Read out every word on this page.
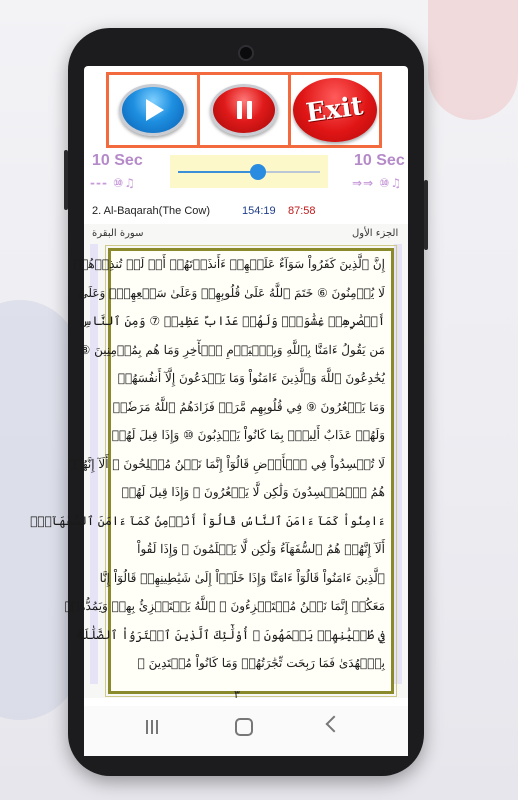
Exit
10 Sec
--- ⑩♫
10 Sec
⇒⇒ ⑩♫
2. Al-Baqarah(The Cow)	154:19 87:58
الجزء الأول
سورة البقرة
إِنَّ ٱلَّذِينَ كَفَرُواْ سَوَآءٌ عَلَيۡهِمۡ ءَأَنذَرۡتَهُمۡ أَمۡ لَمۡ تُنذِرۡهُمۡ
لَا يُؤۡمِنُونَ ⑥ خَتَمَ ٱللَّهُ عَلَىٰ قُلُوبِهِمۡ وَعَلَىٰ سَمۡعِهِمۡۖ وَعَلَىٰٓ
أَبۡصَٰرِهِمۡ غِشَٰوَةٞۖ وَلَهُمۡ عَذَابٌ عَظِيمٞ ⑦ وَمِنَ ٱلنَّاسِ
مَن يَقُولُ ءَامَنَّا بِٱللَّهِ وَبِٱلۡيَوۡمِ ٱلۡأٓخِرِ وَمَا هُم بِمُؤۡمِنِينَ ⑧
يُخَٰدِعُونَ ٱللَّهَ وَٱلَّذِينَ ءَامَنُواْ وَمَا يَخۡدَعُونَ إِلَّآ أَنفُسَهُمۡ
وَمَا يَشۡعُرُونَ ⑨ فِي قُلُوبِهِم مَّرَضٞ فَزَادَهُمُ ٱللَّهُ مَرَضٗاۖ
وَلَهُمۡ عَذَابٌ أَلِيمُۢ بِمَا كَانُواْ يَكۡذِبُونَ ⑩ وَإِذَا قِيلَ لَهُمۡ
لَا تُفۡسِدُواْ فِي ٱلۡأَرۡضِ قَالُوٓاْ إِنَّمَا نَحۡنُ مُصۡلِحُونَ ⑪ أَلَآ إِنَّهُمۡ
هُمُ ٱلۡمُفۡسِدُونَ وَلَٰكِن لَّا يَشۡعُرُونَ ⑫ وَإِذَا قِيلَ لَهُمۡ
ءَامِنُواْ كَمَآ ءَامَنَ ٱلنَّاسُ قَالُوٓاْ أَنُؤۡمِنُ كَمَآ ءَامَنَ ٱلسُّفَهَآءُۗ
أَلَآ إِنَّهُمۡ هُمُ ٱلسُّفَهَآءُ وَلَٰكِن لَّا يَعۡلَمُونَ ⑬ وَإِذَا لَقُواْ
ٱلَّذِينَ ءَامَنُواْ قَالُوٓاْ ءَامَنَّا وَإِذَا خَلَوۡاْ إِلَىٰ شَيَٰطِينِهِمۡ قَالُوٓاْ إِنَّا
مَعَكُمۡ إِنَّمَا نَحۡنُ مُسۡتَهۡزِءُونَ ⑭ ٱللَّهُ يَسۡتَهۡزِئُ بِهِمۡ وَيَمُدُّهُمۡ
فِي طُغۡيَٰنِهِمۡ يَعۡمَهُونَ ⑮ أُوْلَٰٓئِكَ ٱلَّذِينَ ٱشۡتَرَوُاْ ٱلضَّلَٰلَةَ
بِٱلۡهُدَىٰ فَمَا رَبِحَت تِّجَٰرَتُهُمۡ وَمَا كَانُواْ مُهۡتَدِينَ ⑯
٣
